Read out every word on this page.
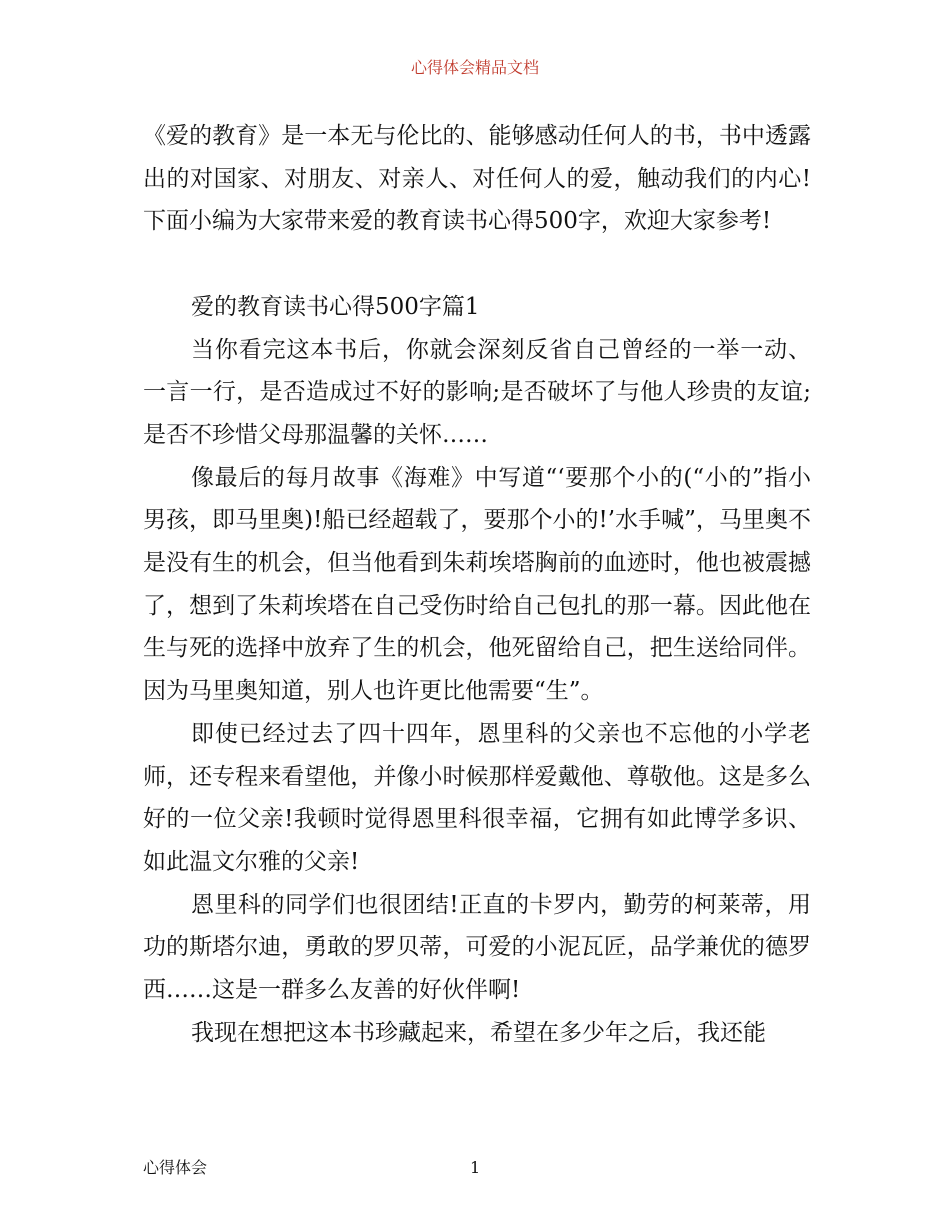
心得体会精品文档

《爱的教育》是一本无与伦比的、能够感动任何人的书，书中透露出的对国家、对朋友、对亲人、对任何人的爱，触动我们的内心!下面小编为大家带来爱的教育读书心得500字，欢迎大家参考!

爱的教育读书心得500字篇1

当你看完这本书后，你就会深刻反省自己曾经的一举一动、一言一行，是否造成过不好的影响;是否破坏了与他人珍贵的友谊;是否不珍惜父母那温馨的关怀……

像最后的每月故事《海难》中写道“‘要那个小的(“小的”指小男孩，即马里奥)!船已经超载了，要那个小的!’水手喊”，马里奥不是没有生的机会，但当他看到朱莉埃塔胸前的血迹时，他也被震撼了，想到了朱莉埃塔在自己受伤时给自己包扎的那一幕。因此他在生与死的选择中放弃了生的机会，他死留给自己，把生送给同伴。因为马里奥知道，别人也许更比他需要“生”。

即使已经过去了四十四年，恩里科的父亲也不忘他的小学老师，还专程来看望他，并像小时候那样爱戴他、尊敬他。这是多么好的一位父亲!我顿时觉得恩里科很幸福，它拥有如此博学多识、如此温文尔雅的父亲!

恩里科的同学们也很团结!正直的卡罗内，勤劳的柯莱蒂，用功的斯塔尔迪，勇敢的罗贝蒂，可爱的小泥瓦匠，品学兼优的德罗西……这是一群多么友善的好伙伴啊!

我现在想把这本书珍藏起来，希望在多少年之后，我还能

心得体会	1
